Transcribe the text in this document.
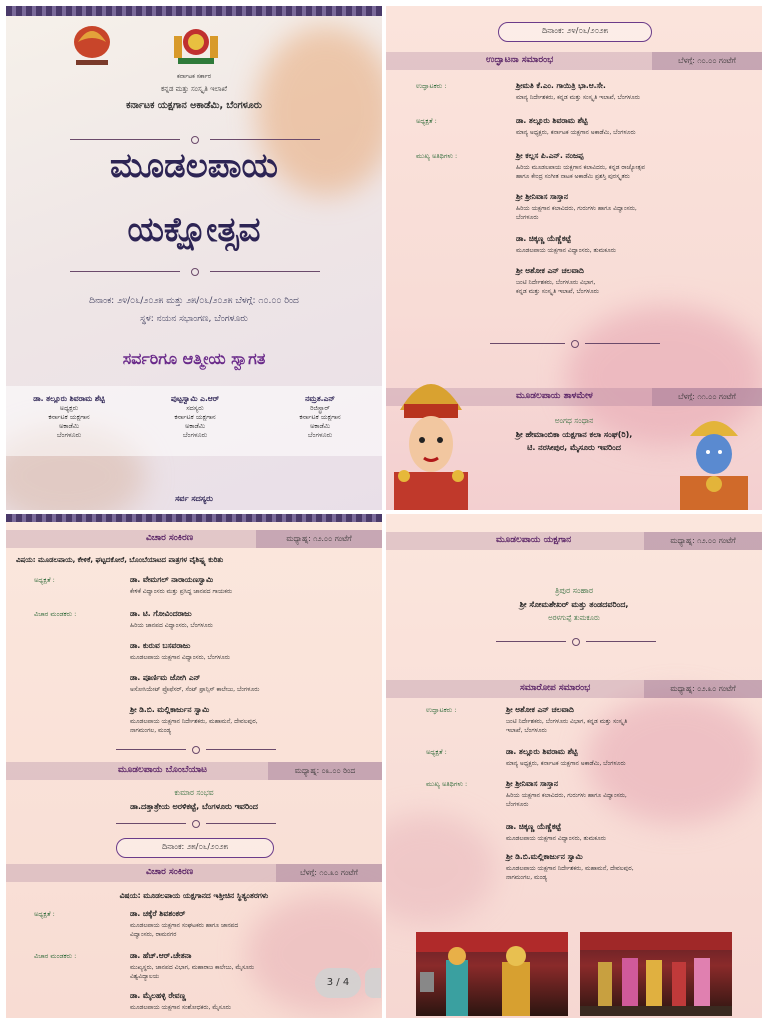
ಕರ್ನಾಟಕ ಸರ್ಕಾರ
ಕನ್ನಡ ಮತ್ತು ಸಂಸ್ಕೃತಿ ಇಲಾಖೆ
ಕರ್ನಾಟಕ ಯಕ್ಷಗಾನ ಅಕಾಡೆಮಿ, ಬೆಂಗಳೂರು
ಮೂಡಲಪಾಯ
ಯಕ್ಷೋತ್ಸವ
ದಿನಾಂಕ: ೨೪/೦೬/೨೦೨೫ ಮತ್ತು ೨೫/೦೬/೨೦೨೫ ಬೆಳಗ್ಗೆ: ೧೦.೦೦ ರಿಂದ
ಸ್ಥಳ: ನಯನ ಸಭಾಂಗಣ, ಬೆಂಗಳೂರು
ಸರ್ವರಿಗೂ ಆತ್ಮೀಯ ಸ್ವಾಗತ
ಡಾ. ತಲ್ಲೂರು ಶಿವರಾಮ ಶೆಟ್ಟಿ
ಅಧ್ಯಕ್ಷರು
ಕರ್ನಾಟಕ ಯಕ್ಷಗಾನ
ಅಕಾಡೆಮಿ
ಬೆಂಗಳೂರು
ಪುಟ್ಟಸ್ವಾಮಿ ಎ.ಆರ್
ಸದಸ್ಯರು
ಕರ್ನಾಟಕ ಯಕ್ಷಗಾನ
ಅಕಾಡೆಮಿ
ಬೆಂಗಳೂರು
ನಮ್ರತ.ಎನ್
ರಿಜಿಸ್ಟ್ರಾರ್
ಕರ್ನಾಟಕ ಯಕ್ಷಗಾನ
ಅಕಾಡೆಮಿ
ಬೆಂಗಳೂರು
ಸರ್ವ ಸದಸ್ಯರು
ದಿನಾಂಕ: ೨೪/೦೬/೨೦೨೫
ಉದ್ಘಾಟನಾ ಸಮಾರಂಭ	ಬೆಳಗ್ಗೆ: ೧೦.೦೦ ಗಂಟೆಗೆ
ಉದ್ಘಾಟಕರು :	ಶ್ರೀಮತಿ ಕೆ.ಎಂ. ಗಾಯಿತ್ರಿ ಭಾ.ಆ.ಸೇ.
ಮಾನ್ಯ ನಿರ್ದೇಶಕರು, ಕನ್ನಡ ಮತ್ತು ಸಂಸ್ಕೃತಿ ಇಲಾಖೆ, ಬೆಂಗಳೂರು
ಅಧ್ಯಕ್ಷತೆ :	ಡಾ. ತಲ್ಲೂರು ಶಿವರಾಮ ಶೆಟ್ಟಿ
ಮಾನ್ಯ ಅಧ್ಯಕ್ಷರು, ಕರ್ನಾಟಕ ಯಕ್ಷಗಾನ ಅಕಾಡೆಮಿ, ಬೆಂಗಳೂರು
ಮುಖ್ಯ ಅತಿಥಿಗಳು :	ಶ್ರೀ ಕಲ್ಲಸ ಪಿ.ಎನ್. ನಂಜಪ್ಪ
ಹಿರಿಯ ಮೂಡಲಪಾಯ ಯಕ್ಷಗಾನ ಕಲಾವಿದರು, ಕನ್ನಡ ರಾಜ್ಯೋತ್ಸವ
ಹಾಗೂ ಕೇಂದ್ರ ಸಂಗೀತ ನಾಟಕ ಅಕಾಡೆಮಿ ಪ್ರಶಸ್ತಿ ಪುರಸ್ಕೃತರು
ಶ್ರೀ ಶ್ರೀನಿವಾಸ ಸಾಸ್ತಾನ
ಹಿರಿಯ ಯಕ್ಷಗಾನ ಕಲಾವಿದರು, ಗುರುಗಳು ಹಾಗೂ ವಿದ್ವಾಂಸರು,
ಬೆಂಗಳೂರು
ಡಾ. ಚಿಕ್ಕಣ್ಣ ಯೆಣ್ಣೆಕಟ್ಟೆ
ಮೂಡಲಪಾಯ ಯಕ್ಷಗಾನ ವಿದ್ವಾಂಸರು, ತುಮಕೂರು
ಶ್ರೀ ಅಶೋಕ ಎನ್ ಚಲವಾದಿ
ಜಂಟಿ ನಿರ್ದೇಶಕರು, ಬೆಂಗಳೂರು ವಿಭಾಗ,
ಕನ್ನಡ ಮತ್ತು ಸಂಸ್ಕೃತಿ ಇಲಾಖೆ, ಬೆಂಗಳೂರು
ಮೂಡಲಪಾಯ ತಾಳಮೇಳ	ಬೆಳಗ್ಗೆ: ೧೧.೦೦ ಗಂಟೆಗೆ
ಅಂಗಧ ಸಂಧಾನ
ಶ್ರೀ ಹೇಮಾಂಬಿಕಾ ಯಕ್ಷಗಾನ ಕಲಾ ಸಂಘ(ರಿ),
ಟಿ. ನರಸೀಪುರ, ಮೈಸೂರು ಇವರಿಂದ
ವಿಚಾರ ಸಂಕಿರಣ	ಮಧ್ಯಾಹ್ನ: ೧೨.೦೦ ಗಂಟೆಗೆ
ವಿಷಯ: ಮೂಡಲಪಾಯ, ಕೇಳಿಕೆ, ಘಟ್ಟದಕೋರೆ, ಬೊಂಬೆಯಾಟದ ಪಾತ್ರಗಳ ವೈಶಿಷ್ಟ್ಯ ಕುರಿತು
ಅಧ್ಯಕ್ಷತೆ :	ಡಾ. ವೇಮಗಲ್ ನಾರಾಯಣಸ್ವಾಮಿ
ಕೇಳಿಕೆ ವಿದ್ವಾಂಸರು ಮತ್ತು ಪ್ರಸಿದ್ಧ ಜಾನಪದ ಗಾಯಕರು
ವಿಚಾರ ಮಂಡಕರು :	ಡಾ. ಟಿ. ಗೋವಿಂದರಾಜು
ಹಿರಿಯ ಜಾನಪದ ವಿದ್ವಾಂಸರು, ಬೆಂಗಳೂರು
ಡಾ. ಕುರುವ ಬಸವರಾಜು
ಮೂಡಲಪಾಯ ಯಕ್ಷಗಾನ ವಿದ್ವಾಂಸರು, ಬೆಂಗಳೂರು
ಡಾ. ಪೂರ್ಣಿಮ ಜೋಗಿ ಎನ್
ಅಸೋಸಿಯೇಟ್ ಪ್ರೊಫೆಸರ್, ಸೆಂಟ್ ಫ್ರಾನ್ಸಿಸ್ ಕಾಲೇಜು, ಬೆಂಗಳೂರು
ಶ್ರೀ ಡಿ.ಬಿ. ಮಲ್ಲಿಕಾರ್ಜುನ ಸ್ವಾಮಿ
ಮೂಡಲಪಾಯ ಯಕ್ಷಗಾನ ನಿರ್ದೇಶಕರು, ಮಹಾಮನೆ, ದೇವಲಪುರ,
ನಾಗಮಂಗಲ, ಮಂಡ್ಯ
ಮೂಡಲಪಾಯ ಬೊಂಬೆಯಾಟ	ಮಧ್ಯಾಹ್ನ: ೦೩.೦೦ ರಿಂದ
ಕುಮಾರ ಸಂಭವ
ಡಾ.ದತ್ತಾತ್ರೇಯ ಅರಳಿಕಟ್ಟೆ, ಬೆಂಗಳೂರು ಇವರಿಂದ
ದಿನಾಂಕ: ೨೫/೦೬/೨೦೨೫
ವಿಚಾರ ಸಂಕಿರಣ	ಬೆಳಗ್ಗೆ: ೧೦.೩೦ ಗಂಟೆಗೆ
ವಿಷಯ: ಮೂಡಲಪಾಯ ಯಕ್ಷಗಾನದ ಇತ್ತೀಚಿನ ಸ್ಥಿತ್ಯಂತರಗಳು
ಅಧ್ಯಕ್ಷತೆ :	ಡಾ. ಚಕ್ಕೆರೆ ಶಿವಶಂಕರ್
ಮೂಡಲಪಾಯ ಯಕ್ಷಗಾನ ಸಂಘಟಕರು ಹಾಗೂ ಜಾನಪದ
ವಿದ್ವಾಂಸರು, ರಾಮನಗರ
ವಿಚಾರ ಮಂಡಕರು :	ಡಾ. ಹೆಚ್.ಆರ್.ಚೇತನಾ
ಮುಖ್ಯಸ್ಥರು, ಜಾನಪದ ವಿಭಾಗ, ಮಹಾರಾಜ ಕಾಲೇಜು, ಮೈಸೂರು
ವಿಶ್ವವಿದ್ಯಾಲಯ
ಡಾ. ಮೈಲಹಳ್ಳಿ ರೇವಣ್ಣ
ಮೂಡಲಪಾಯ ಯಕ್ಷಗಾನ ಸಂಶೋಧಕರು, ಮೈಸೂರು
ಮೂಡಲಪಾಯ ಯಕ್ಷಗಾನ	ಮಧ್ಯಾಹ್ನ: ೧೨.೦೦ ಗಂಟೆಗೆ
ತ್ರಿಪುರ ಸಂಹಾರ
ಶ್ರೀ ಸೋಮಶೇಖರ್ ಮತ್ತು ತಂಡದವರಿಂದ,
ಅರಳಗುಪ್ಪೆ ತುಮಕೂರು
ಸಮಾರೋಪ ಸಮಾರಂಭ	ಮಧ್ಯಾಹ್ನ: ೦೨.೩೦ ಗಂಟೆಗೆ
ಉದ್ಘಾಟಕರು :	ಶ್ರೀ ಅಶೋಕ ಎನ್ ಚಲವಾದಿ
ಜಂಟಿ ನಿರ್ದೇಶಕರು, ಬೆಂಗಳೂರು ವಿಭಾಗ, ಕನ್ನಡ ಮತ್ತು ಸಂಸ್ಕೃತಿ
ಇಲಾಖೆ, ಬೆಂಗಳೂರು
ಅಧ್ಯಕ್ಷತೆ :	ಡಾ. ತಲ್ಲೂರು ಶಿವರಾಮ ಶೆಟ್ಟಿ
ಮಾನ್ಯ ಅಧ್ಯಕ್ಷರು, ಕರ್ನಾಟಕ ಯಕ್ಷಗಾನ ಅಕಾಡೆಮಿ, ಬೆಂಗಳೂರು
ಮುಖ್ಯ ಅತಿಥಿಗಳು :	ಶ್ರೀ ಶ್ರೀನಿವಾಸ ಸಾಸ್ತಾನ
ಹಿರಿಯ ಯಕ್ಷಗಾನ ಕಲಾವಿದರು, ಗುರುಗಳು ಹಾಗೂ ವಿದ್ವಾಂಸರು,
ಬೆಂಗಳೂರು
ಡಾ. ಚಿಕ್ಕಣ್ಣ ಯೆಣ್ಣೆಕಟ್ಟೆ
ಮೂಡಲಪಾಯ ಯಕ್ಷಗಾನ ವಿದ್ವಾಂಸರು, ತುಮಕೂರು
ಶ್ರೀ ಡಿ.ಬಿ.ಮಲ್ಲಿಕಾರ್ಜುನ ಸ್ವಾಮಿ
ಮೂಡಲಪಾಯ ಯಕ್ಷಗಾನ ನಿರ್ದೇಶಕರು, ಮಹಾಮನೆ, ದೇವಲಪುರ,
ನಾಗಮಂಗಲ, ಮಂಡ್ಯ
3 / 4
